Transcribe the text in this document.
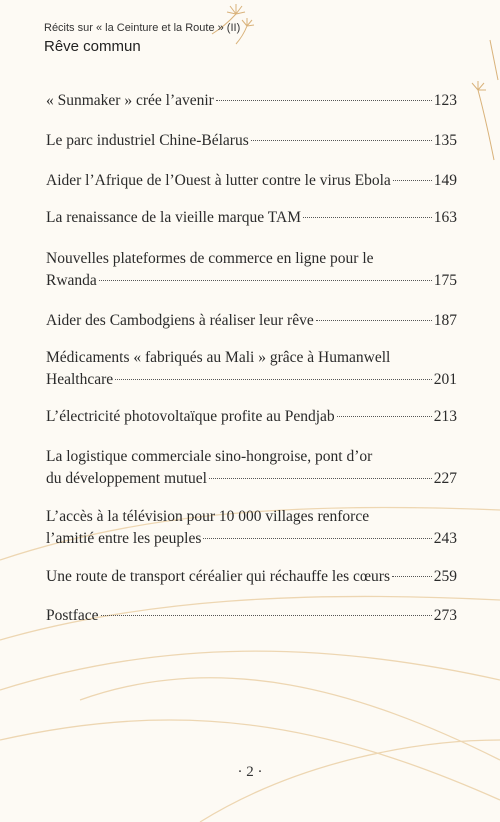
Récits sur « la Ceinture et la Route » (II)
Rêve commun
« Sunmaker » crée l’avenir	123
Le parc industriel Chine-Bélarus	135
Aider l’Afrique de l’Ouest à lutter contre le virus Ebola	149
La renaissance de la vieille marque TAM	163
Nouvelles plateformes de commerce en ligne pour le
Rwanda	175
Aider des Cambodgiens à réaliser leur rêve	187
Médicaments « fabriqués au Mali » grâce à Humanwell
Healthcare	201
L’électricité photovoltaïque profite au Pendjab	213
La logistique commerciale sino-hongroise, pont d’or
du développement mutuel	227
L’accès à la télévision pour 10 000 villages renforce
l’amitié entre les peuples	243
Une route de transport céréalier qui réchauffe les cœurs	259
Postface	273
· 2 ·
